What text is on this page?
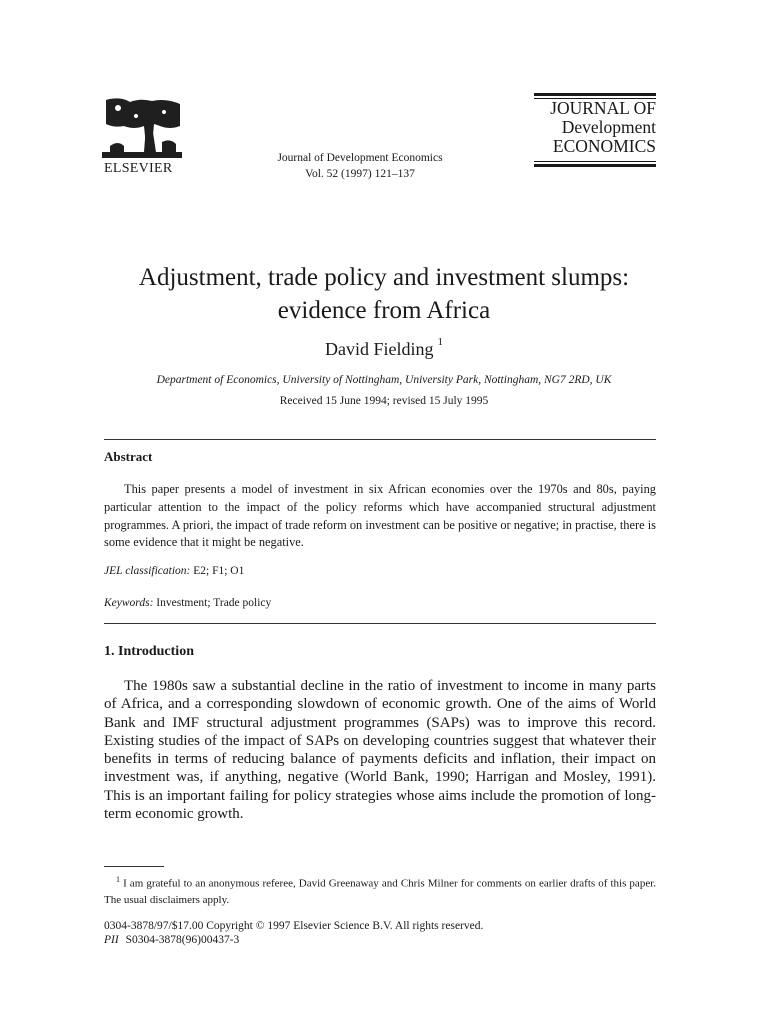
ELSEVIER
Journal of Development Economics
Vol. 52 (1997) 121–137
JOURNAL OF
Development
ECONOMICS
Adjustment, trade policy and investment slumps:
evidence from Africa
David Fielding $^1$
Department of Economics, University of Nottingham, University Park, Nottingham, NG7 2RD, UK
Received 15 June 1994; revised 15 July 1995
Abstract

This paper presents a model of investment in six African economies over the 1970s and 80s, paying particular attention to the impact of the policy reforms which have accompanied structural adjustment programmes. A priori, the impact of trade reform on investment can be positive or negative; in practise, there is some evidence that it might be negative.

JEL classification: E2; F1; O1
Keywords: Investment; Trade policy
1. Introduction

The 1980s saw a substantial decline in the ratio of investment to income in many parts of Africa, and a corresponding slowdown of economic growth. One of the aims of World Bank and IMF structural adjustment programmes (SAPs) was to improve this record. Existing studies of the impact of SAPs on developing countries suggest that whatever their benefits in terms of reducing balance of payments deficits and inflation, their impact on investment was, if anything, negative (World Bank, 1990; Harrigan and Mosley, 1991). This is an important failing for policy strategies whose aims include the promotion of long-term economic growth.

$^1$ I am grateful to an anonymous referee, David Greenaway and Chris Milner for comments on earlier drafts of this paper. The usual disclaimers apply.

0304-3878/97/$17.00 Copyright © 1997 Elsevier Science B.V. All rights reserved.
PII S0304-3878(96)00437-3
